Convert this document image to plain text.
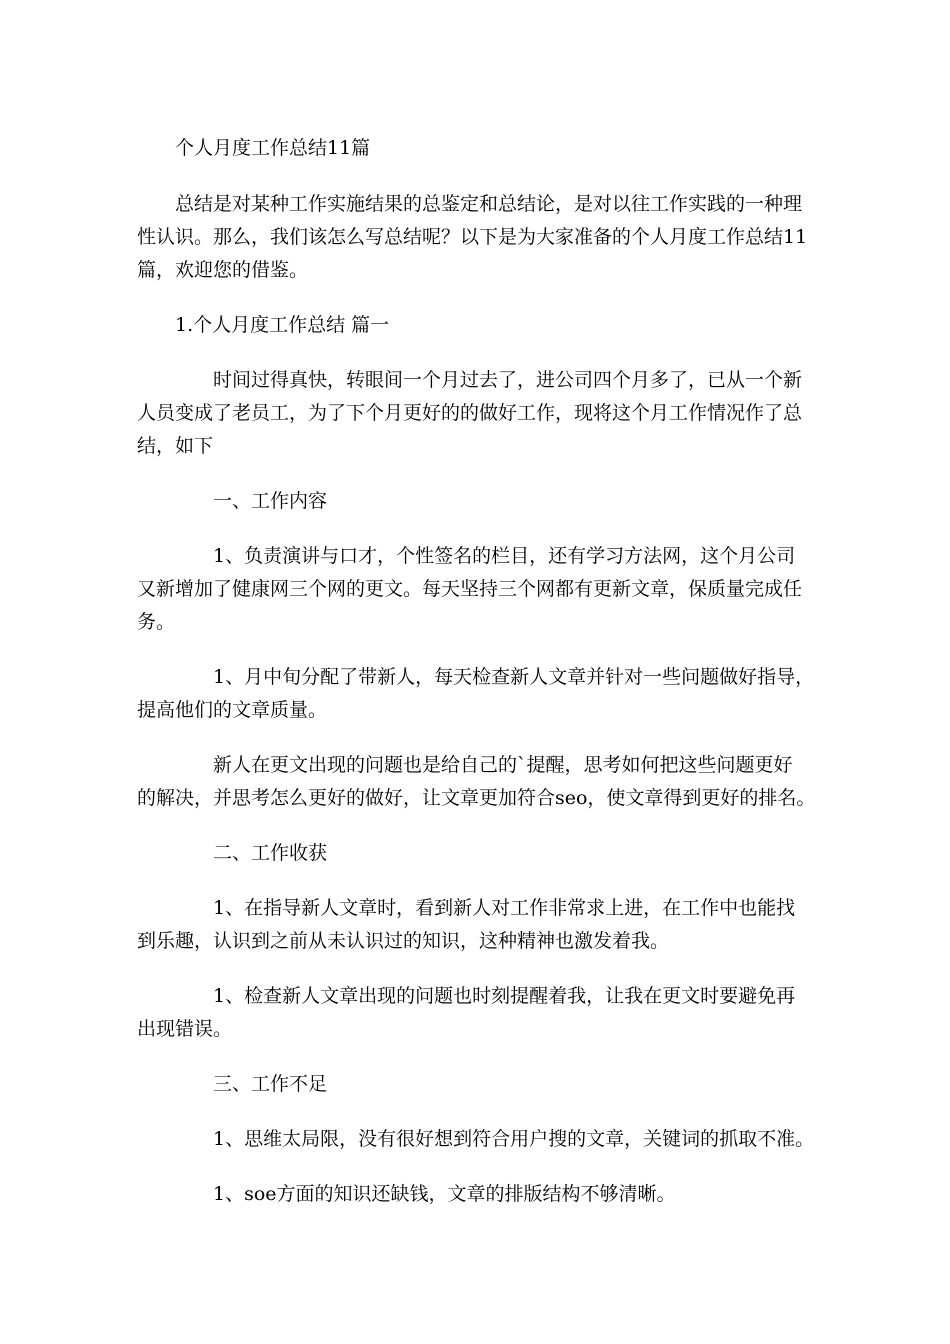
个人月度工作总结11篇

总结是对某种工作实施结果的总鉴定和总结论，是对以往工作实践的一种理

性认识。那么，我们该怎么写总结呢？以下是为大家准备的个人月度工作总结11

篇，欢迎您的借鉴。

1.个人月度工作总结 篇一

时间过得真快，转眼间一个月过去了，进公司四个月多了，已从一个新

人员变成了老员工，为了下个月更好的的做好工作，现将这个月工作情况作了总

结，如下

一、工作内容

1、负责演讲与口才，个性签名的栏目，还有学习方法网，这个月公司

又新增加了健康网三个网的更文。每天坚持三个网都有更新文章，保质量完成任

务。

1、月中旬分配了带新人，每天检查新人文章并针对一些问题做好指导，

提高他们的文章质量。

新人在更文出现的问题也是给自己的`提醒，思考如何把这些问题更好

的解决，并思考怎么更好的做好，让文章更加符合seo，使文章得到更好的排名。

二、工作收获

1、在指导新人文章时，看到新人对工作非常求上进，在工作中也能找

到乐趣，认识到之前从未认识过的知识，这种精神也激发着我。

1、检查新人文章出现的问题也时刻提醒着我，让我在更文时要避免再

出现错误。

三、工作不足

1、思维太局限，没有很好想到符合用户搜的文章，关键词的抓取不准。

1、soe方面的知识还缺钱，文章的排版结构不够清晰。
